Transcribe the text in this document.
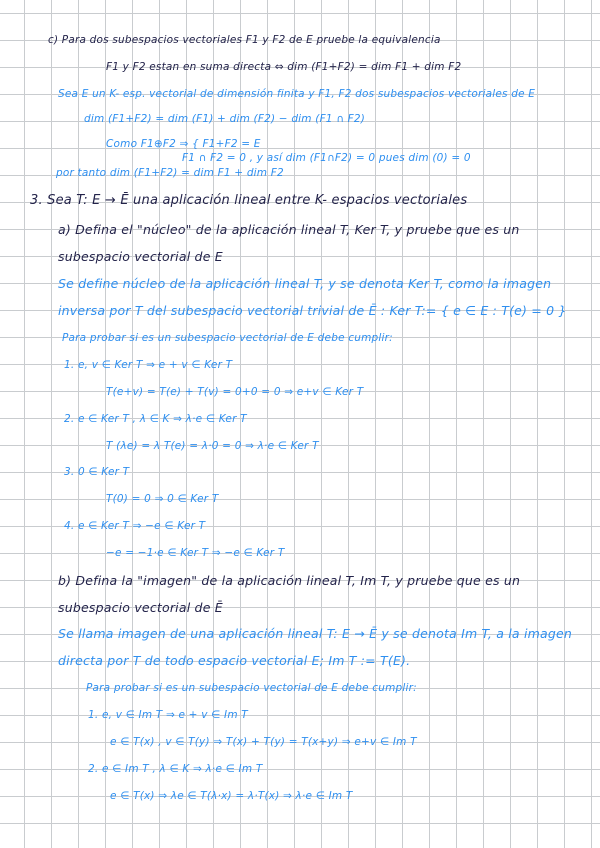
c) Para dos subespacios vectoriales F1 y F2 de E pruebe la equivalencia
F1 y F2 estan en suma directa ⇔ dim (F1+F2) = dim F1 + dim F2
Sea E un K- esp. vectorial de dimensión finita y F1, F2 dos subespacios vectoriales de E
dim (F1+F2) = dim (F1) + dim (F2) − dim (F1 ∩ F2)
Como F1⊕F2 ⇒ { F1+F2 = E
F1 ∩ F2 = 0 , y así dim (F1∩F2) = 0 pues dim (0) = 0
por tanto dim (F1+F2) = dim F1 + dim F2
3. Sea T: E → Ē una aplicación lineal entre K- espacios vectoriales
a) Defina el "núcleo" de la aplicación lineal T, Ker T, y pruebe que es un
subespacio vectorial de E
Se define núcleo de la aplicación lineal T, y se denota Ker T, como la imagen
inversa por T del subespacio vectorial trivial de Ē : Ker T:= { e ∈ E : T(e) = 0 }
Para probar si es un subespacio vectorial de E debe cumplir:
1. e, v ∈ Ker T ⇒ e + v ∈ Ker T
T(e+v) = T(e) + T(v) = 0+0 = 0 ⇒ e+v ∈ Ker T
2. e ∈ Ker T , λ ∈ K ⇒ λ·e ∈ Ker T
T (λe) = λ T(e) = λ·0 = 0 ⇒ λ·e ∈ Ker T
3. 0 ∈ Ker T
T(0) = 0 ⇒ 0 ∈ Ker T
4. e ∈ Ker T ⇒ −e ∈ Ker T
−e = −1·e ∈ Ker T ⇒ −e ∈ Ker T
b) Defina la "imagen" de la aplicación lineal T, Im T, y pruebe que es un
subespacio vectorial de Ē
Se llama imagen de una aplicación lineal T: E → Ē y se denota Im T, a la imagen
directa por T de todo espacio vectorial E; Im T := T(E).
Para probar si es un subespacio vectorial de E debe cumplir:
1. e, v ∈ Im T ⇒ e + v ∈ Im T
e ∈ T(x) , v ∈ T(y) ⇒ T(x) + T(y) = T(x+y) ⇒ e+v ∈ Im T
2. e ∈ Im T , λ ∈ K ⇒ λ·e ∈ Im T
e ∈ T(x) ⇒ λe ∈ T(λ·x) = λ·T(x) ⇒ λ·e ∈ Im T
